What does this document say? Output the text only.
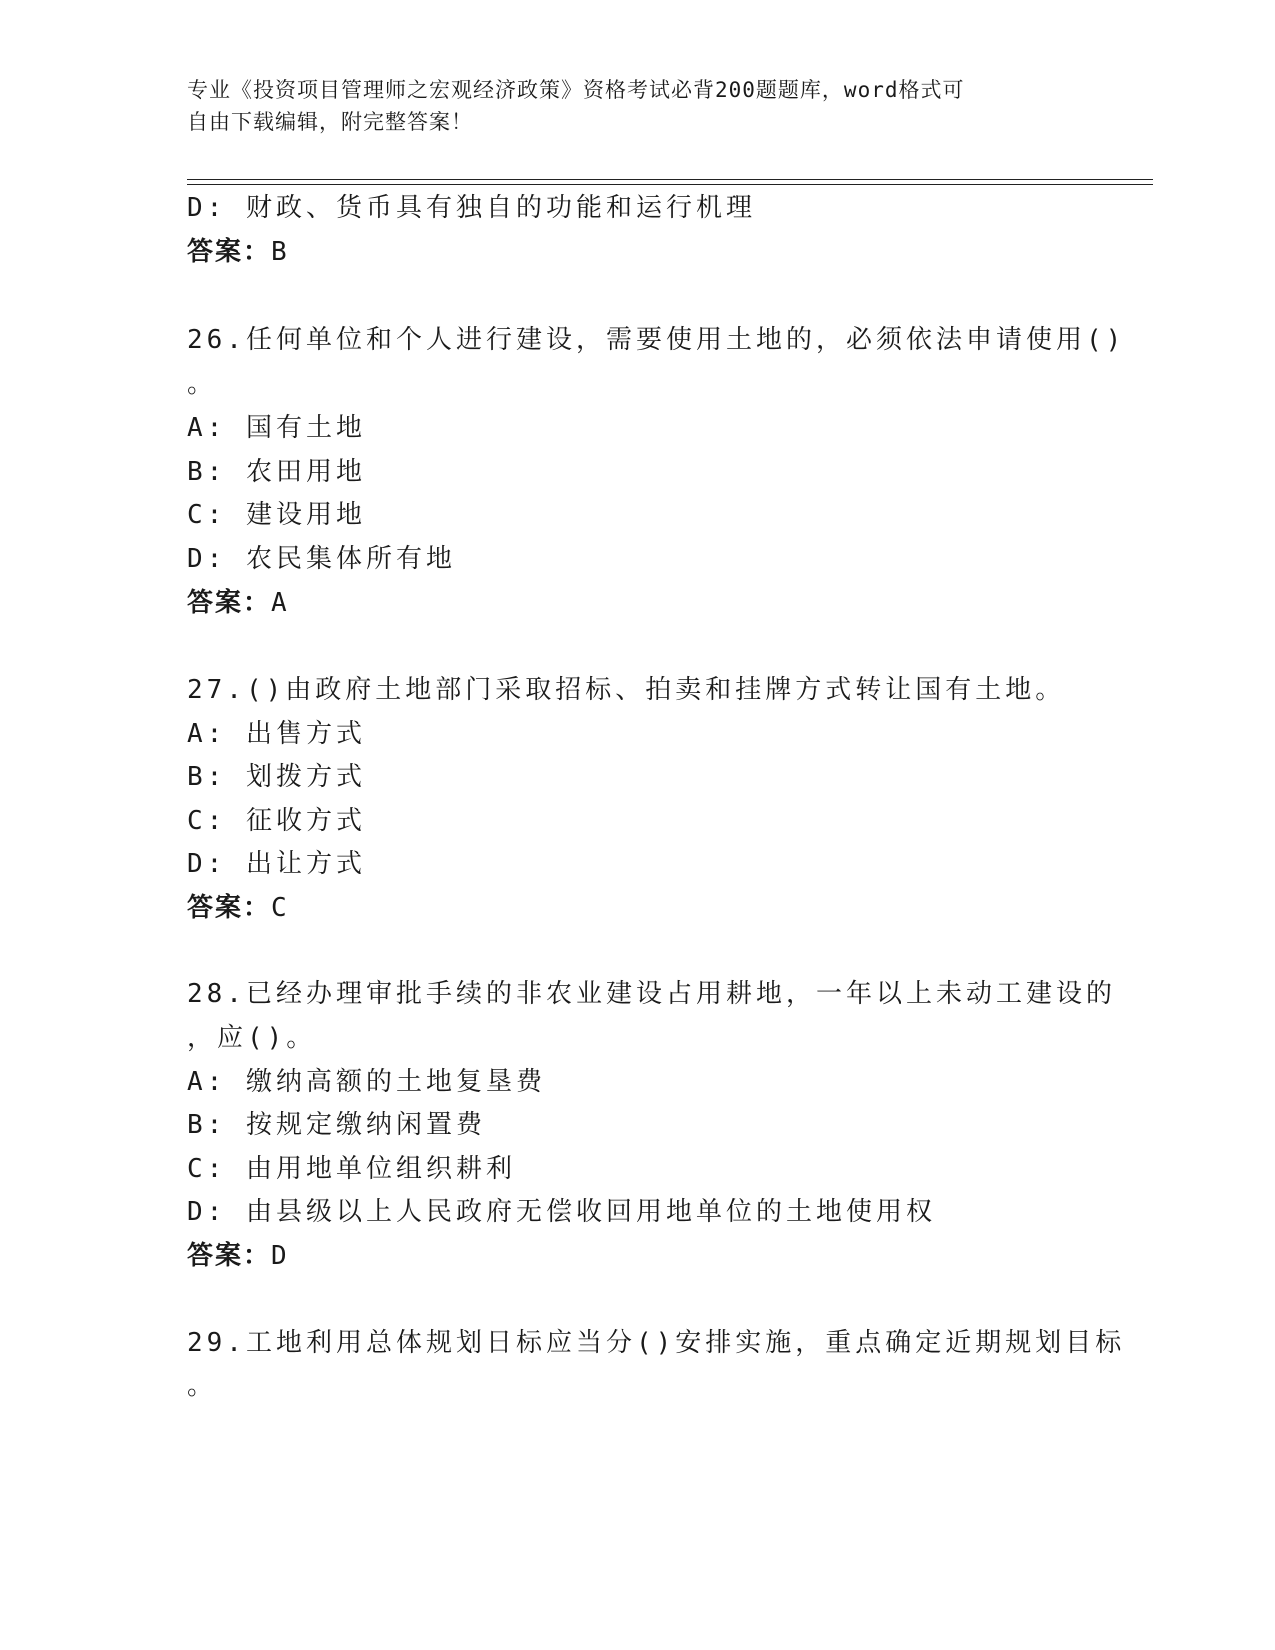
专业《投资项目管理师之宏观经济政策》资格考试必背200题题库，word格式可
自由下载编辑，附完整答案！
D: 财政、货币具有独自的功能和运行机理
答案：B
26.任何单位和个人进行建设，需要使用土地的，必须依法申请使用()
。
A: 国有土地
B: 农田用地
C: 建设用地
D: 农民集体所有地
答案：A
27.()由政府土地部门采取招标、拍卖和挂牌方式转让国有土地。
A: 出售方式
B: 划拨方式
C: 征收方式
D: 出让方式
答案：C
28.已经办理审批手续的非农业建设占用耕地，一年以上未动工建设的
，应()。
A: 缴纳高额的土地复垦费
B: 按规定缴纳闲置费
C: 由用地单位组织耕利
D: 由县级以上人民政府无偿收回用地单位的土地使用权
答案：D
29.工地利用总体规划日标应当分()安排实施，重点确定近期规划目标
。
